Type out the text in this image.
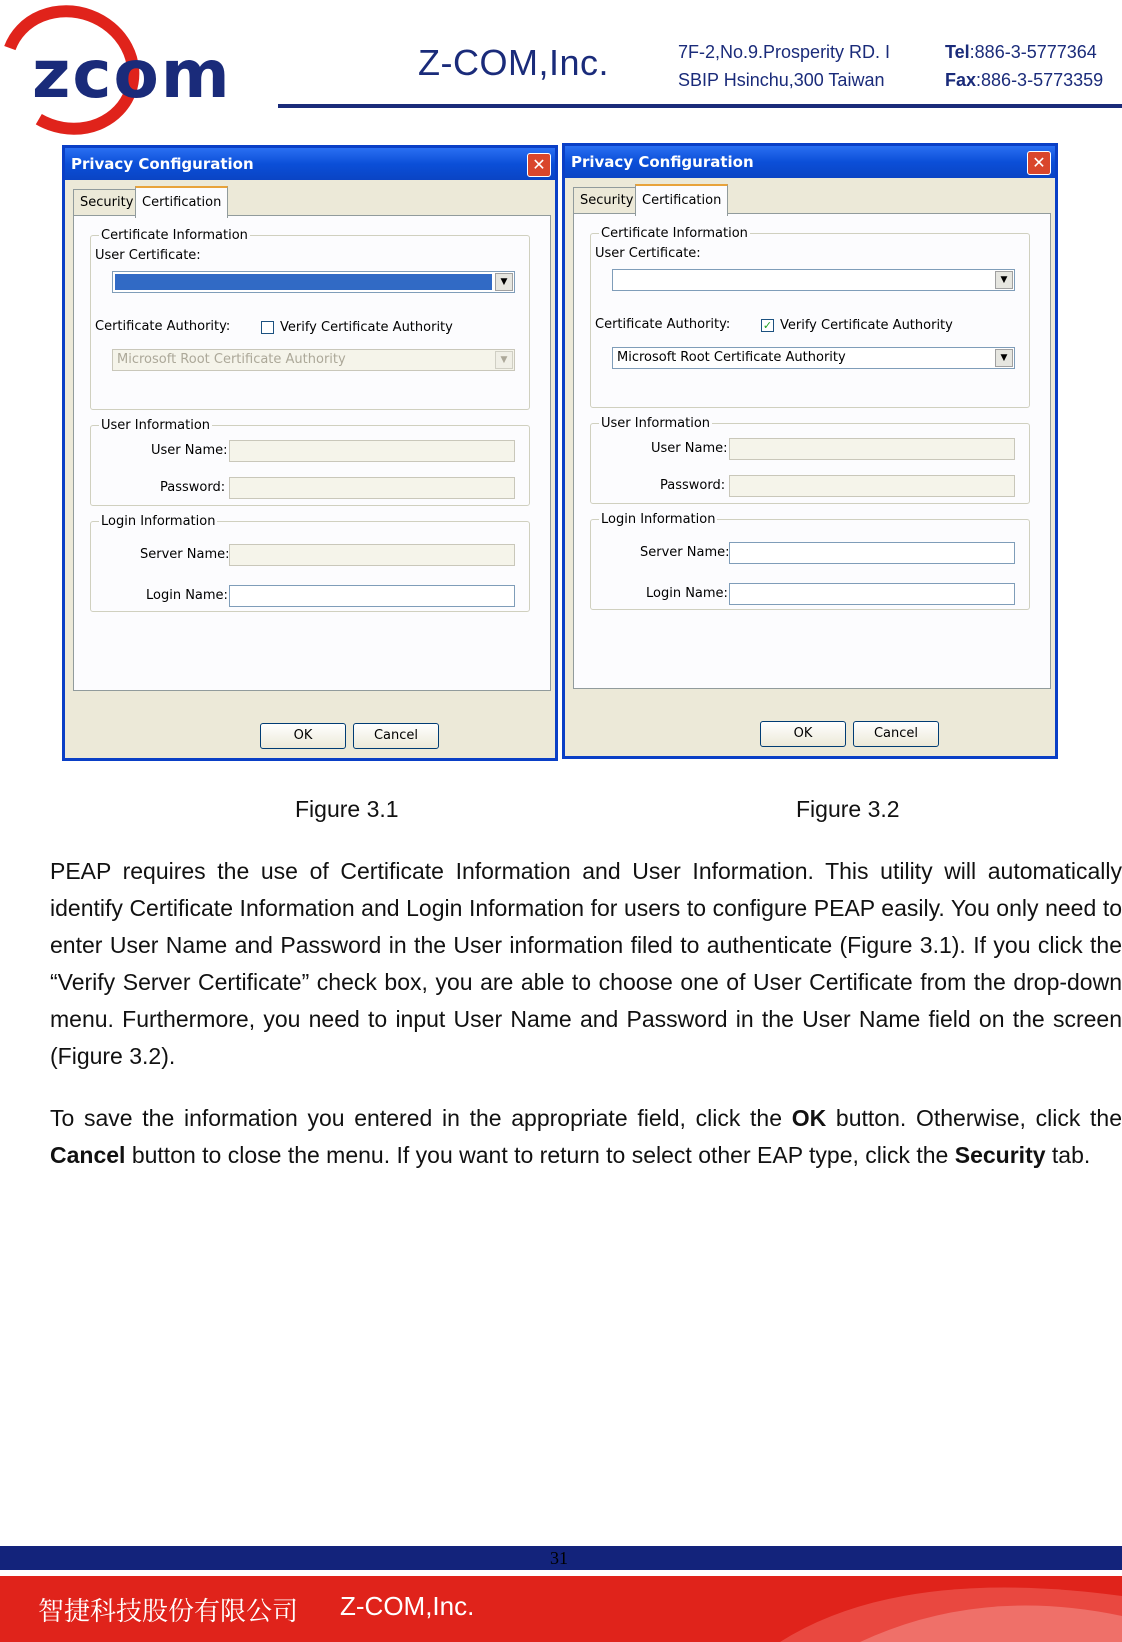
zcom	Z-COM,Inc.	7F-2,No.9.Prosperity RD. I
SBIP Hsinchu,300 Taiwan
Tel:886-3-5777364
Fax:886-3-5773359
Privacy Configuration	✕
Security Certification
Certificate Information
User Certificate:
▼
Certificate Authority:	Verify Certificate Authority
Microsoft Root Certificate Authority	▼
User Information
User Name:
Password:
Login Information
Server Name:
Login Name:
OK	Cancel
Privacy Configuration	✕
Security Certification
Certificate Information
User Certificate:
▼
Certificate Authority:	✓ Verify Certificate Authority
Microsoft Root Certificate Authority	▼
User Information
User Name:
Password:
Login Information
Server Name:
Login Name:
OK	Cancel
Figure 3.1	Figure 3.2

PEAP requires the use of Certificate Information and User Information. This utility will automatically identify Certificate Information and Login Information for users to configure PEAP easily. You only need to enter User Name and Password in the User information filed to authenticate (Figure 3.1). If you click the “Verify Server Certificate” check box, you are able to choose one of User Certificate from the drop-down menu. Furthermore, you need to input User Name and Password in the User Name field on the screen (Figure 3.2).

To save the information you entered in the appropriate field, click the OK button. Otherwise, click the Cancel button to close the menu. If you want to return to select other EAP type, click the Security tab.

31
智捷科技股份有限公司 Z-COM,Inc.
